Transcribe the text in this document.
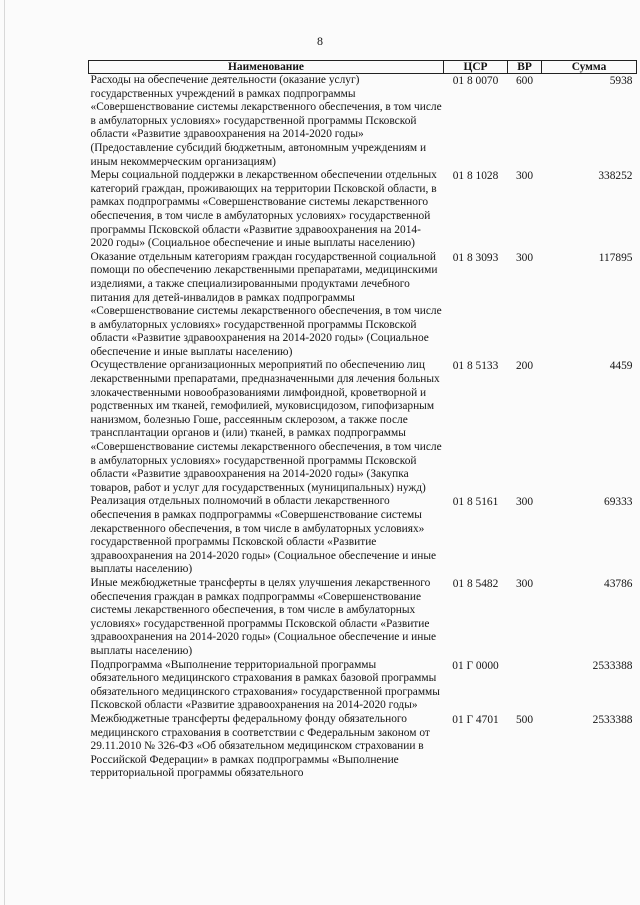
8
Наименование	ЦСР	ВР	Сумма
Расходы на обеспечение деятельности (оказание услуг) государственных учреждений в рамках подпрограммы «Совершенствование системы лекарственного обеспечения, в том числе в амбулаторных условиях» государственной программы Псковской области «Развитие здравоохранения на 2014-2020 годы» (Предоставление субсидий бюджетным, автономным учреждениям и иным некоммерческим организациям)	01 8 0070	600	5938
Меры социальной поддержки в лекарственном обеспечении отдельных категорий граждан, проживающих на территории Псковской области, в рамках подпрограммы «Совершенствование системы лекарственного обеспечения, в том числе в амбулаторных условиях» государственной программы Псковской области «Развитие здравоохранения на 2014-2020 годы» (Социальное обеспечение и иные выплаты населению)	01 8 1028	300	338252
Оказание отдельным категориям граждан государственной социальной помощи по обеспечению лекарственными препаратами, медицинскими изделиями, а также специализированными продуктами лечебного питания для детей-инвалидов в рамках подпрограммы «Совершенствование системы лекарственного обеспечения, в том числе в амбулаторных условиях» государственной программы Псковской области «Развитие здравоохранения на 2014-2020 годы» (Социальное обеспечение и иные выплаты населению)	01 8 3093	300	117895
Осуществление организационных мероприятий по обеспечению лиц лекарственными препаратами, предназначенными для лечения больных злокачественными новообразованиями лимфоидной, кроветворной и родственных им тканей, гемофилией, муковисцидозом, гипофизарным нанизмом, болезнью Гоше, рассеянным склерозом, а также после трансплантации органов и (или) тканей, в рамках подпрограммы «Совершенствование системы лекарственного обеспечения, в том числе в амбулаторных условиях» государственной программы Псковской области «Развитие здравоохранения на 2014-2020 годы» (Закупка товаров, работ и услуг для государственных (муниципальных) нужд)	01 8 5133	200	4459
Реализация отдельных полномочий в области лекарственного обеспечения в рамках подпрограммы «Совершенствование системы лекарственного обеспечения, в том числе в амбулаторных условиях» государственной программы Псковской области «Развитие здравоохранения на 2014-2020 годы» (Социальное обеспечение и иные выплаты населению)	01 8 5161	300	69333
Иные межбюджетные трансферты в целях улучшения лекарственного обеспечения граждан в рамках подпрограммы «Совершенствование системы лекарственного обеспечения, в том числе в амбулаторных условиях» государственной программы Псковской области «Развитие здравоохранения на 2014-2020 годы» (Социальное обеспечение и иные выплаты населению)	01 8 5482	300	43786
Подпрограмма «Выполнение территориальной программы обязательного медицинского страхования в рамках базовой программы обязательного медицинского страхования» государственной программы Псковской области «Развитие здравоохранения на 2014-2020 годы»	01 Г 0000		2533388
Межбюджетные трансферты федеральному фонду обязательного медицинского страхования в соответствии с Федеральным законом от 29.11.2010 № 326-ФЗ «Об обязательном медицинском страховании в Российской Федерации» в рамках подпрограммы «Выполнение территориальной программы обязательного	01 Г 4701	500	2533388
